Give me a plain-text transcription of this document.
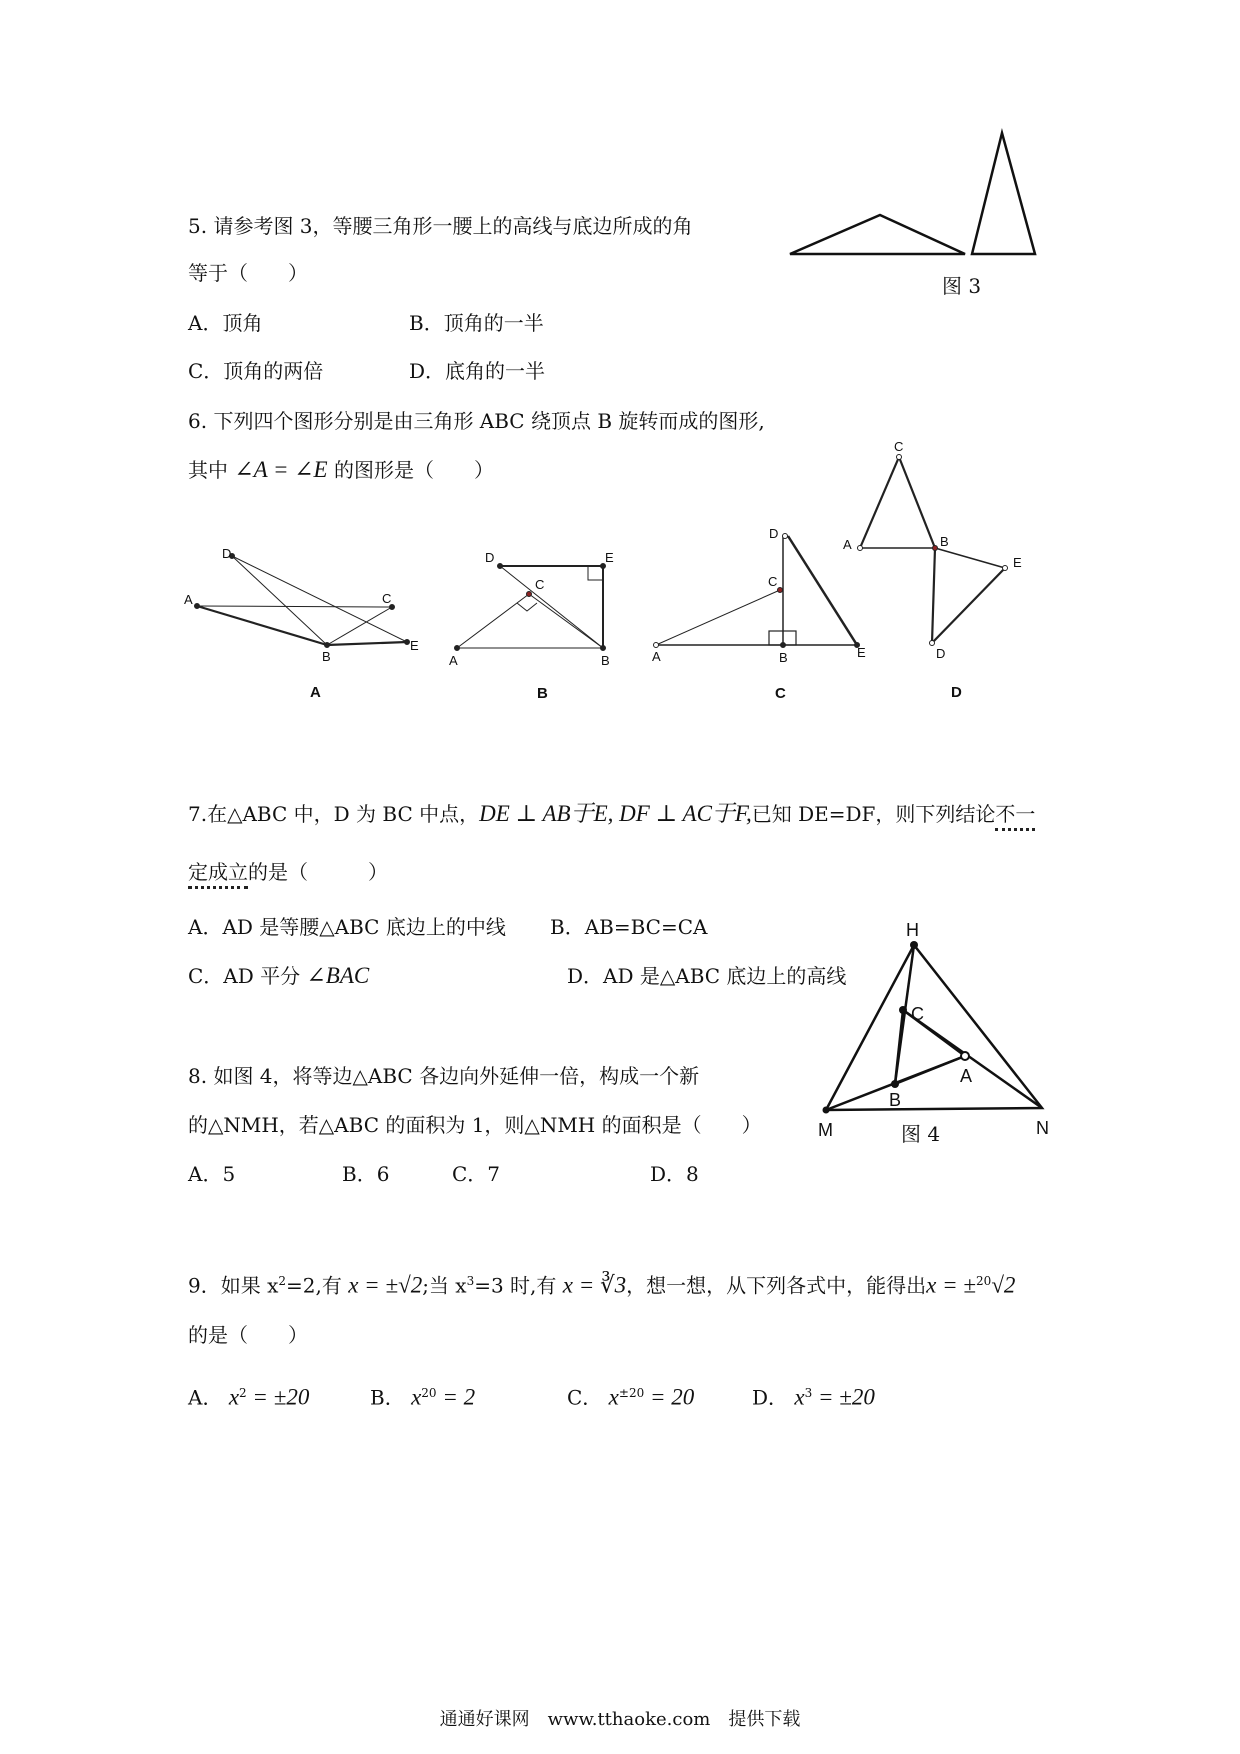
5. 请参考图 3，等腰三角形一腰上的高线与底边所成的角
等于（　　）
A．顶角	B．顶角的一半
C．顶角的两倍	D．底角的一半
图 3
6. 下列四个图形分别是由三角形 ABC 绕顶点 B 旋转而成的图形,
其中 ∠A = ∠E 的图形是（　　）
D
A	C
E
B
D	E
C
A	B
D
C
A	B	E
C
A	B
E
D
A	B	C	D
7.在△ABC 中，D 为 BC 中点，DE ⊥ AB于E, DF ⊥ AC于F,已知 DE=DF，则下列结论不一
定成立的是（　　　）
A．AD 是等腰△ABC 底边上的中线 B．AB=BC=CA
C．AD 平分 ∠BAC	D．AD 是△ABC 底边上的高线
H
C
A
B
M	N
图 4
8. 如图 4，将等边△ABC 各边向外延伸一倍，构成一个新
的△NMH，若△ABC 的面积为 1，则△NMH 的面积是（　　）
A．5	B．6	C．7	D．8
9．如果 $x^2=2$,有 x = ±√2;当 $x^3=3$ 时,有 x = ∛3，想一想，从下列各式中，能得出x = ±$^{20}$√2
的是（　　）
A． $x^2 = \pm 20$	B． $x^{20} = 2$	C． $x^{\pm 20} = 20$	D． $x^3 = \pm 20$
通通好课网　www.tthaoke.com　提供下载
